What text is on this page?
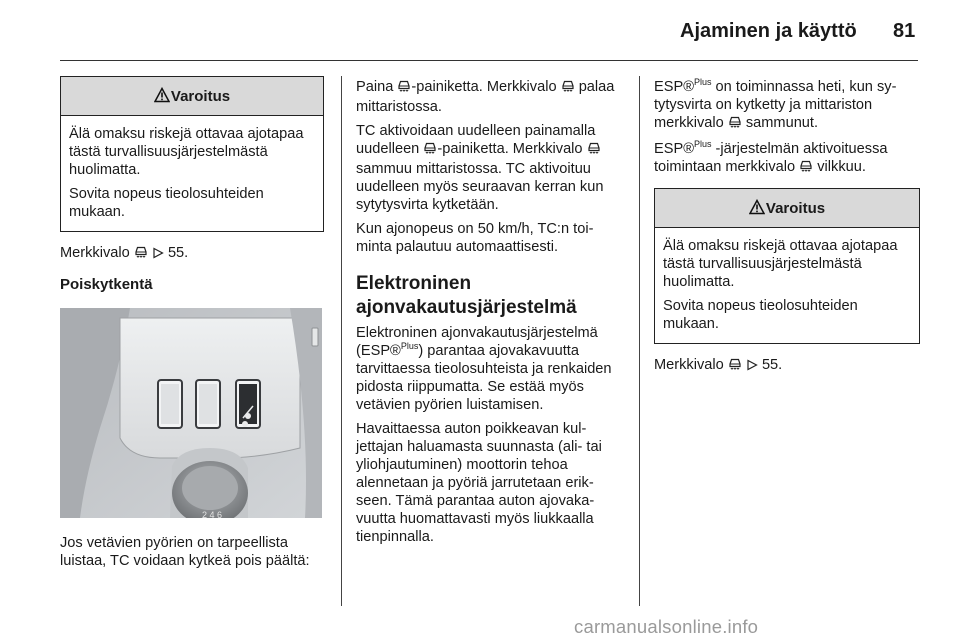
Ajaminen ja käyttö 81
Varoitus

Älä omaksu riskejä ottavaa ajotapaa tästä turvallisuusjärjestelmästä huolimatta.

Sovita nopeus tieolosuhteiden mukaan.

Merkkivalo	55.

Poiskytkentä
2 4 6

Jos vetävien pyörien on tarpeellista luistaa, TC voidaan kytkeä pois päältä:

Paina -painiketta. Merkkivalo  palaa mittaristossa.

TC aktivoidaan uudelleen painamalla uudelleen -painiketta. Merkkivalo  sammuu mittaristossa. TC aktivoituu uudelleen myös seuraavan kerran kun sytytysvirta kytketään.

Kun ajonopeus on 50 km/h, TC:n toiminta palautuu automaattisesti.

Elektroninen
ajonvakautusjärjestelmä

Elektroninen ajonvakautusjärjestelmä (ESP®$^{Plus}$) parantaa ajovakavuutta tarvittaessa tieolosuhteista ja renkaiden pidosta riippumatta. Se estää myös vetävien pyörien luistamisen.

Havaittaessa auton poikkeavan kuljettajan haluamasta suunnasta (ali- tai yliohjautuminen) moottorin tehoa alennetaan ja pyöriä jarrutetaan erikseen. Tämä parantaa auton ajovakavuutta huomattavasti myös liukkaalla tienpinnalla.

ESP®$^{Plus}$ on toiminnassa heti, kun sytytysvirta on kytketty ja mittariston merkkivalo  sammunut.

ESP®$^{Plus}$ -järjestelmän aktivoituessa toimintaan merkkivalo  vilkkuu.

Varoitus

Älä omaksu riskejä ottavaa ajotapaa tästä turvallisuusjärjestelmästä huolimatta.

Sovita nopeus tieolosuhteiden mukaan.

Merkkivalo	55.

carmanualsonline.info
